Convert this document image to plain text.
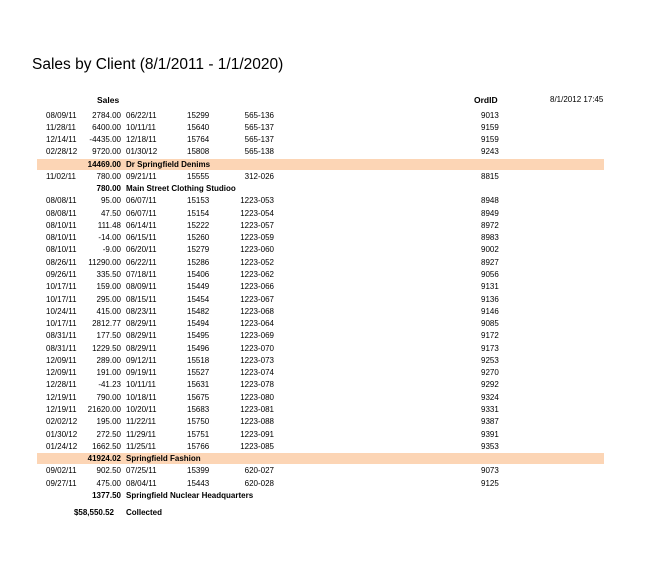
Sales by Client (8/1/2011 - 1/1/2020)
Sales	OrdID	8/1/2012 17:45
08/09/11 2784.00 06/22/11	15299	565-136	9013
11/28/11 6400.00 10/11/11	15640	565-137	9159
12/14/11 -4435.00 12/18/11	15764	565-137	9159
02/28/12 9720.00 01/30/12	15808	565-138	9243
14469.00 Dr Springfield Denims
11/02/11	780.00 09/21/11	15555	312-026	8815
780.00 Main Street Clothing Studioo
08/08/11	95.00 06/07/11	15153	1223-053	8948
08/08/11	47.50 06/07/11	15154	1223-054	8949
08/10/11	111.48 06/14/11	15222	1223-057	8972
08/10/11	-14.00 06/15/11	15260	1223-059	8983
08/10/11	-9.00 06/20/11	15279	1223-060	9002
08/26/11 11290.00 06/22/11	15286	1223-052	8927
09/26/11 335.50 07/18/11	15406	1223-062	9056
10/17/11 159.00 08/09/11	15449	1223-066	9131
10/17/11 295.00 08/15/11	15454	1223-067	9136
10/24/11 415.00 08/23/11	15482	1223-068	9146
10/17/11 2812.77 08/29/11	15494	1223-064	9085
08/31/11 177.50 08/29/11	15495	1223-069	9172
08/31/11 1229.50 08/29/11	15496	1223-070	9173
12/09/11 289.00 09/12/11	15518	1223-073	9253
12/09/11 191.00 09/19/11	15527	1223-074	9270
12/28/11	-41.23 10/11/11	15631	1223-078	9292
12/19/11 790.00 10/18/11	15675	1223-080	9324
12/19/11 21620.00 10/20/11	15683	1223-081	9331
02/02/12 195.00 11/22/11	15750	1223-088	9387
01/30/12 272.50 11/29/11	15751	1223-091	9391
01/24/12 1662.50 11/25/11	15766	1223-085	9353
41924.02 Springfield Fashion
09/02/11 902.50 07/25/11	15399	620-027	9073
09/27/11 475.00 08/04/11	15443	620-028	9125
1377.50 Springfield Nuclear Headquarters
$58,550.52 Collected
